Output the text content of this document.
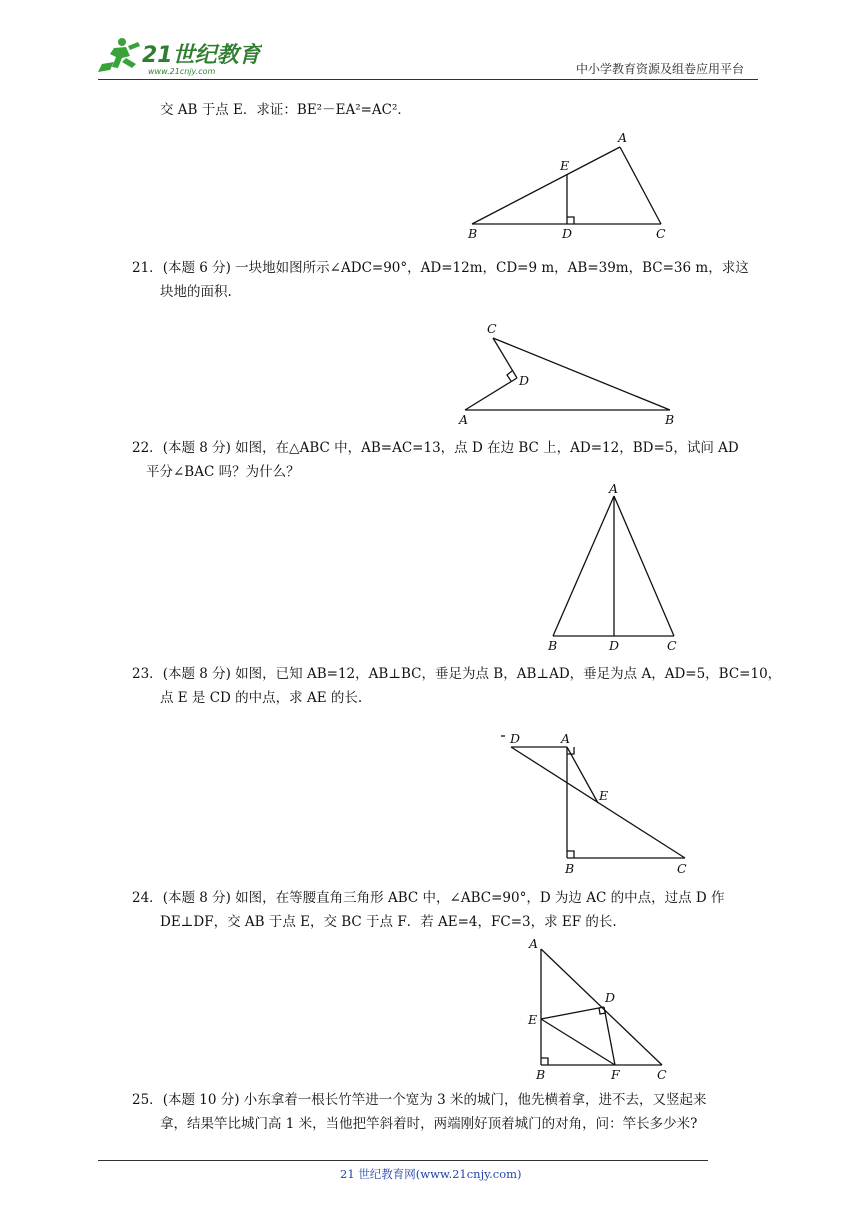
21世纪教育
www.21cnjy.com	中小学教育资源及组卷应用平台
交 AB 于点 E．求证：BE²－EA²=AC²．
A
E
B	D	C
21．(本题 6 分) 一块地如图所示∠ADC=90°，AD=12m，CD=9 m，AB=39m，BC=36 m，求这
块地的面积.
C
D
A	B
22．(本题 8 分) 如图，在△ABC 中，AB=AC=13，点 D 在边 BC 上，AD=12，BD=5，试问 AD
平分∠BAC 吗？为什么？
A
B	D	C
23．(本题 8 分) 如图，已知 AB=12，AB⊥BC，垂足为点 B，AB⊥AD，垂足为点 A，AD=5，BC=10，
点 E 是 CD 的中点，求 AE 的长.
D	A
E
B	C
24．(本题 8 分) 如图，在等腰直角三角形 ABC 中，∠ABC=90°，D 为边 AC 的中点，过点 D 作
DE⊥DF，交 AB 于点 E，交 BC 于点 F．若 AE=4，FC=3，求 EF 的长.
A
D
E
B	F	C
25．(本题 10 分) 小东拿着一根长竹竿进一个宽为 3 米的城门，他先横着拿，进不去，又竖起来
拿，结果竿比城门高 1 米，当他把竿斜着时，两端刚好顶着城门的对角，问：竿长多少米?
21 世纪教育网(www.21cnjy.com)
